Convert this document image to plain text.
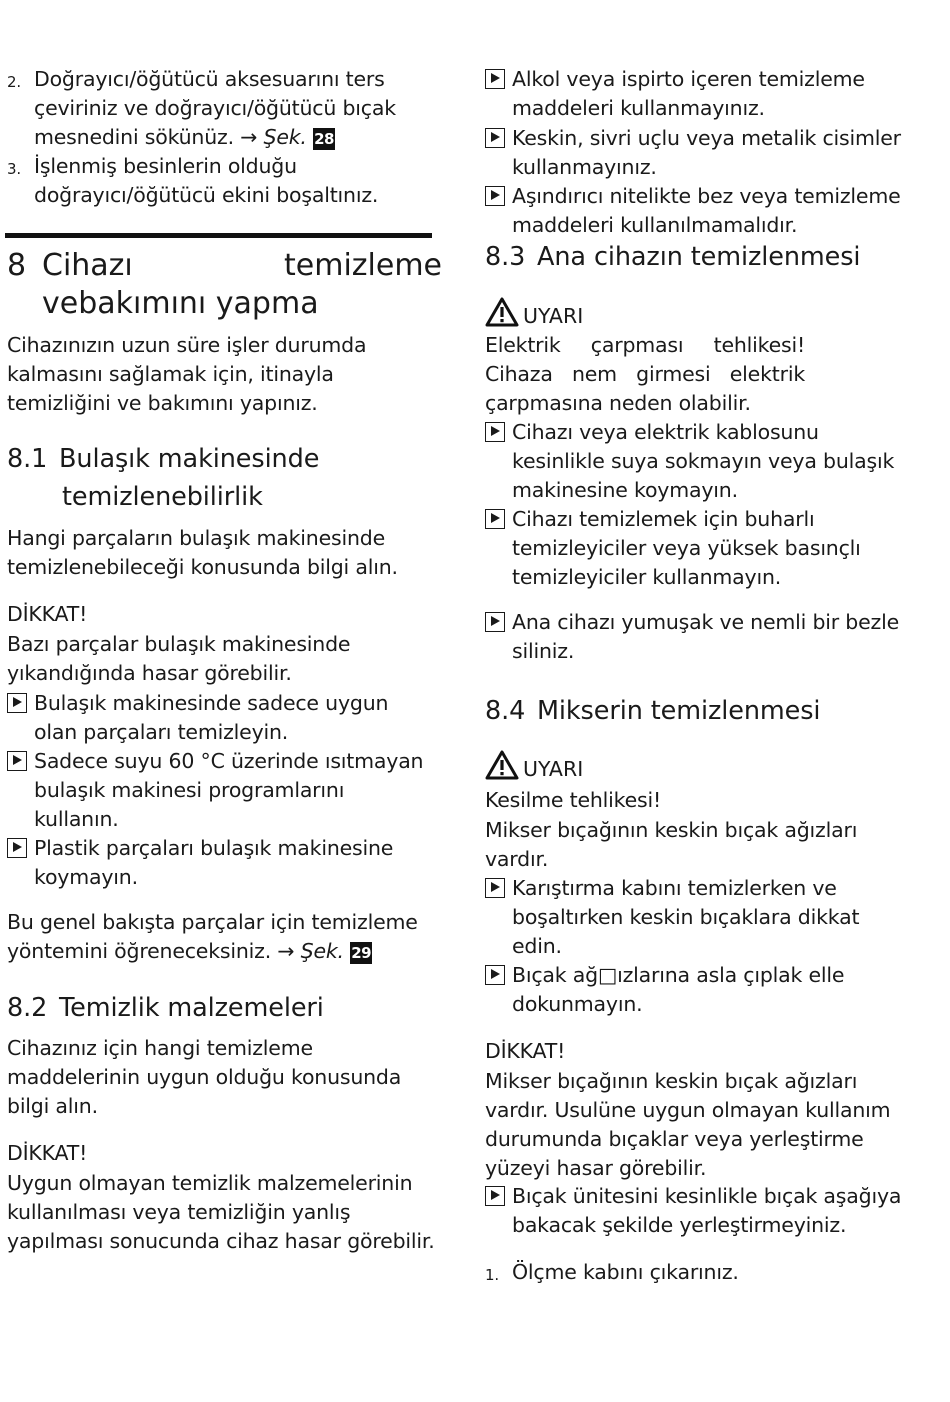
2. Doğrayıcı/öğütücü aksesuarını ters
çeviriniz ve doğrayıcı/öğütücü bıçak
mesnedini sökünüz. → Şek. 28
3. İşlenmiş besinlerin olduğu
doğrayıcı/öğütücü ekini boşaltınız.
8 Cihazı	temizleme
vebakımını yapma
Cihazınızın uzun süre işler durumda
kalmasını sağlamak için, itinayla
temizliğini ve bakımını yapınız.
8.1 Bulaşık makinesinde
temizlenebilirlik
Hangi parçaların bulaşık makinesinde
temizlenebileceği konusunda bilgi alın.
DİKKAT!
Bazı parçalar bulaşık makinesinde
yıkandığında hasar görebilir.
Bulaşık makinesinde sadece uygun
olan parçaları temizleyin.
Sadece suyu 60 °C üzerinde ısıtmayan
bulaşık makinesi programlarını
kullanın.
Plastik parçaları bulaşık makinesine
koymayın.
Bu genel bakışta parçalar için temizleme
yöntemini öğreneceksiniz. → Şek. 29
8.2 Temizlik malzemeleri
Cihazınız için hangi temizleme
maddelerinin uygun olduğu konusunda
bilgi alın.
DİKKAT!
Uygun olmayan temizlik malzemelerinin
kullanılması veya temizliğin yanlış
yapılması sonucunda cihaz hasar görebilir.
Alkol veya ispirto içeren temizleme
maddeleri kullanmayınız.
Keskin, sivri uçlu veya metalik cisimler
kullanmayınız.
Aşındırıcı nitelikte bez veya temizleme
maddeleri kullanılmamalıdır.
8.3 Ana cihazın temizlenmesi
UYARI
Elektrik çarpması tehlikesi!
Cihaza nem girmesi elektrik
çarpmasına neden olabilir.
Cihazı veya elektrik kablosunu
kesinlikle suya sokmayın veya bulaşık
makinesine koymayın.
Cihazı temizlemek için buharlı
temizleyiciler veya yüksek basınçlı
temizleyiciler kullanmayın.
Ana cihazı yumuşak ve nemli bir bezle
siliniz.
8.4 Mikserin temizlenmesi
UYARI
Kesilme tehlikesi!
Mikser bıçağının keskin bıçak ağızları
vardır.
Karıştırma kabını temizlerken ve
boşaltırken keskin bıçaklara dikkat
edin.
Bıçak ağ□ızlarına asla çıplak elle
dokunmayın.
DİKKAT!
Mikser bıçağının keskin bıçak ağızları
vardır. Usulüne uygun olmayan kullanım
durumunda bıçaklar veya yerleştirme
yüzeyi hasar görebilir.
Bıçak ünitesini kesinlikle bıçak aşağıya
bakacak şekilde yerleştirmeyiniz.
1. Ölçme kabını çıkarınız.
